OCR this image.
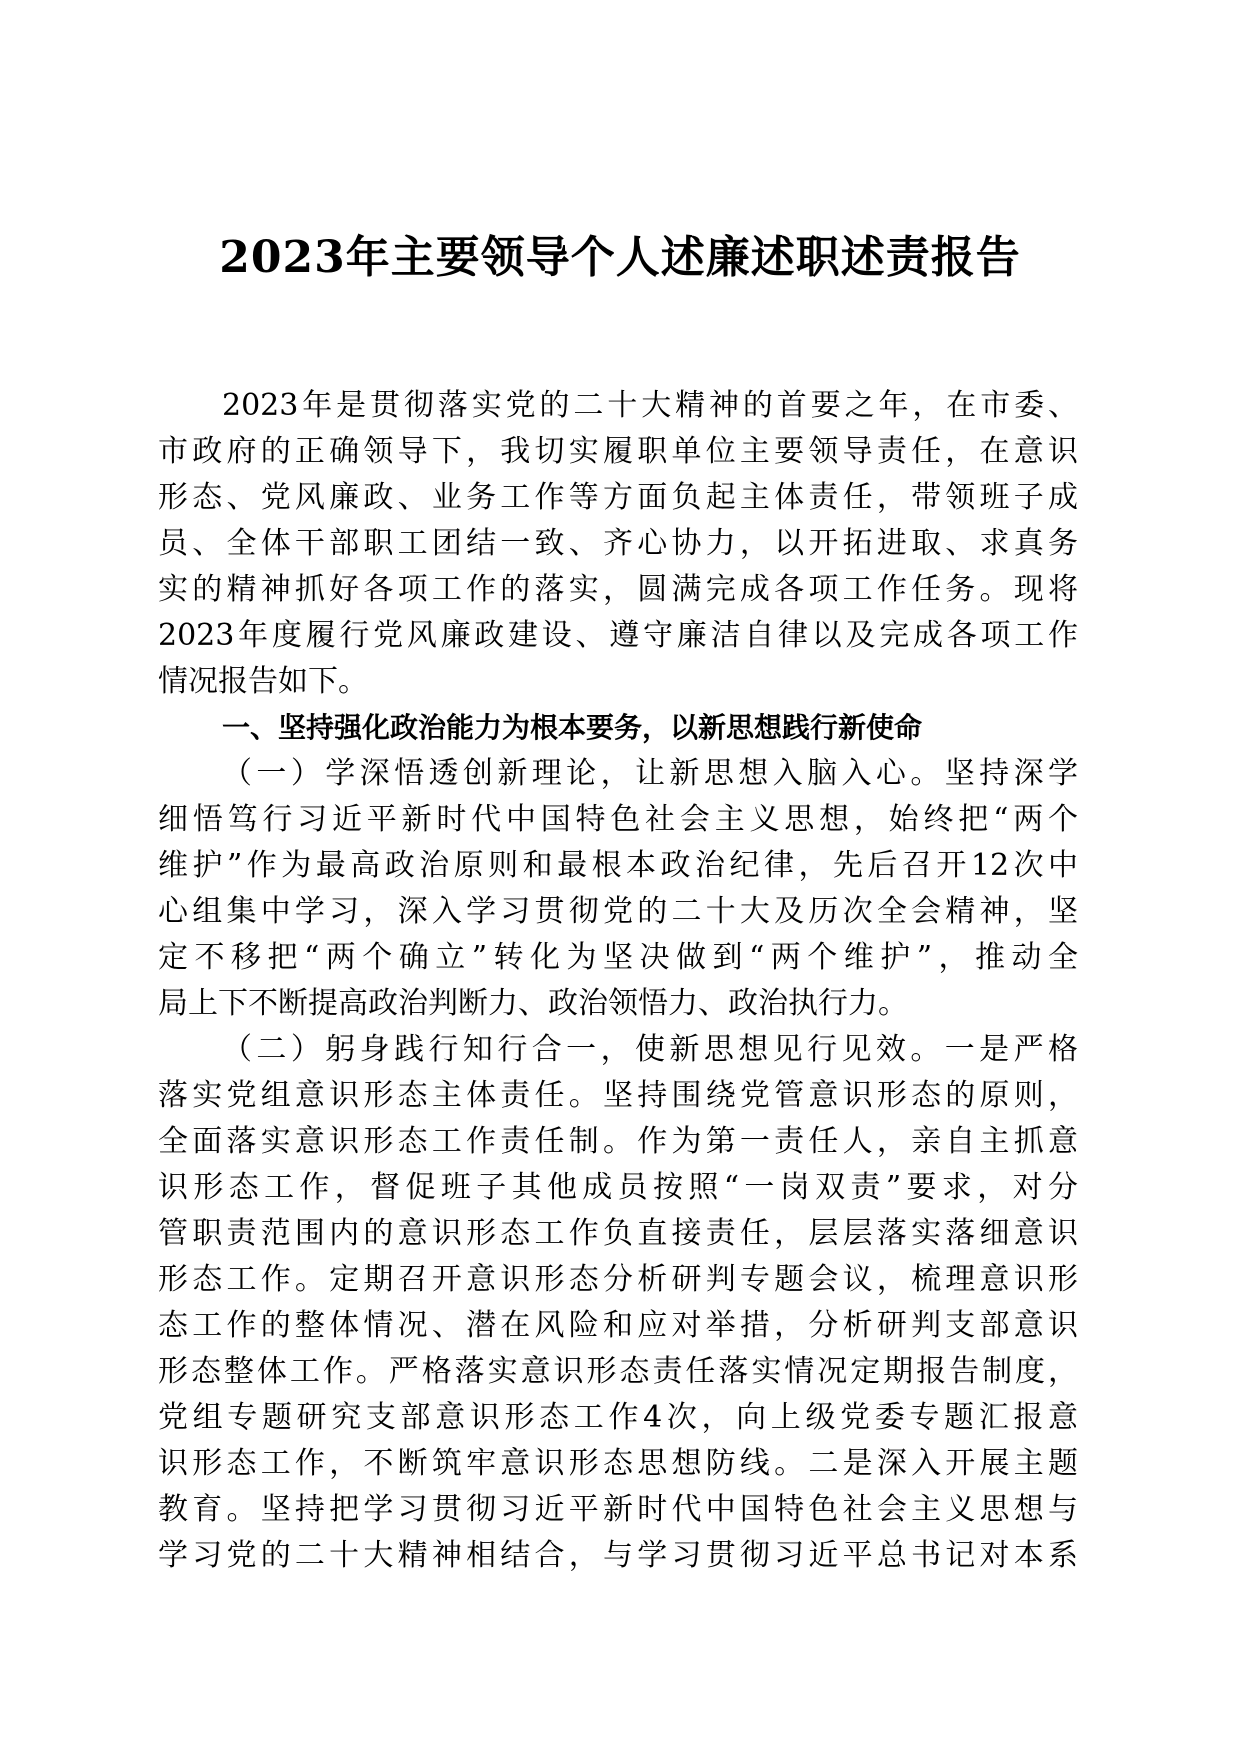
2023年主要领导个人述廉述职述责报告
2023年是贯彻落实党的二十大精神的首要之年，在市委、
市政府的正确领导下，我切实履职单位主要领导责任，在意识
形态、党风廉政、业务工作等方面负起主体责任，带领班子成
员、全体干部职工团结一致、齐心协力，以开拓进取、求真务
实的精神抓好各项工作的落实，圆满完成各项工作任务。现将
2023年度履行党风廉政建设、遵守廉洁自律以及完成各项工作
情况报告如下。
一、坚持强化政治能力为根本要务，以新思想践行新使命
（一）学深悟透创新理论，让新思想入脑入心。坚持深学
细悟笃行习近平新时代中国特色社会主义思想，始终把“两个
维护”作为最高政治原则和最根本政治纪律，先后召开12次中
心组集中学习，深入学习贯彻党的二十大及历次全会精神，坚
定不移把“两个确立”转化为坚决做到“两个维护”，推动全
局上下不断提高政治判断力、政治领悟力、政治执行力。
（二）躬身践行知行合一，使新思想见行见效。一是严格
落实党组意识形态主体责任。坚持围绕党管意识形态的原则，
全面落实意识形态工作责任制。作为第一责任人，亲自主抓意
识形态工作，督促班子其他成员按照“一岗双责”要求，对分
管职责范围内的意识形态工作负直接责任，层层落实落细意识
形态工作。定期召开意识形态分析研判专题会议，梳理意识形
态工作的整体情况、潜在风险和应对举措，分析研判支部意识
形态整体工作。严格落实意识形态责任落实情况定期报告制度，
党组专题研究支部意识形态工作4次，向上级党委专题汇报意
识形态工作，不断筑牢意识形态思想防线。二是深入开展主题
教育。坚持把学习贯彻习近平新时代中国特色社会主义思想与
学习党的二十大精神相结合，与学习贯彻习近平总书记对本系
